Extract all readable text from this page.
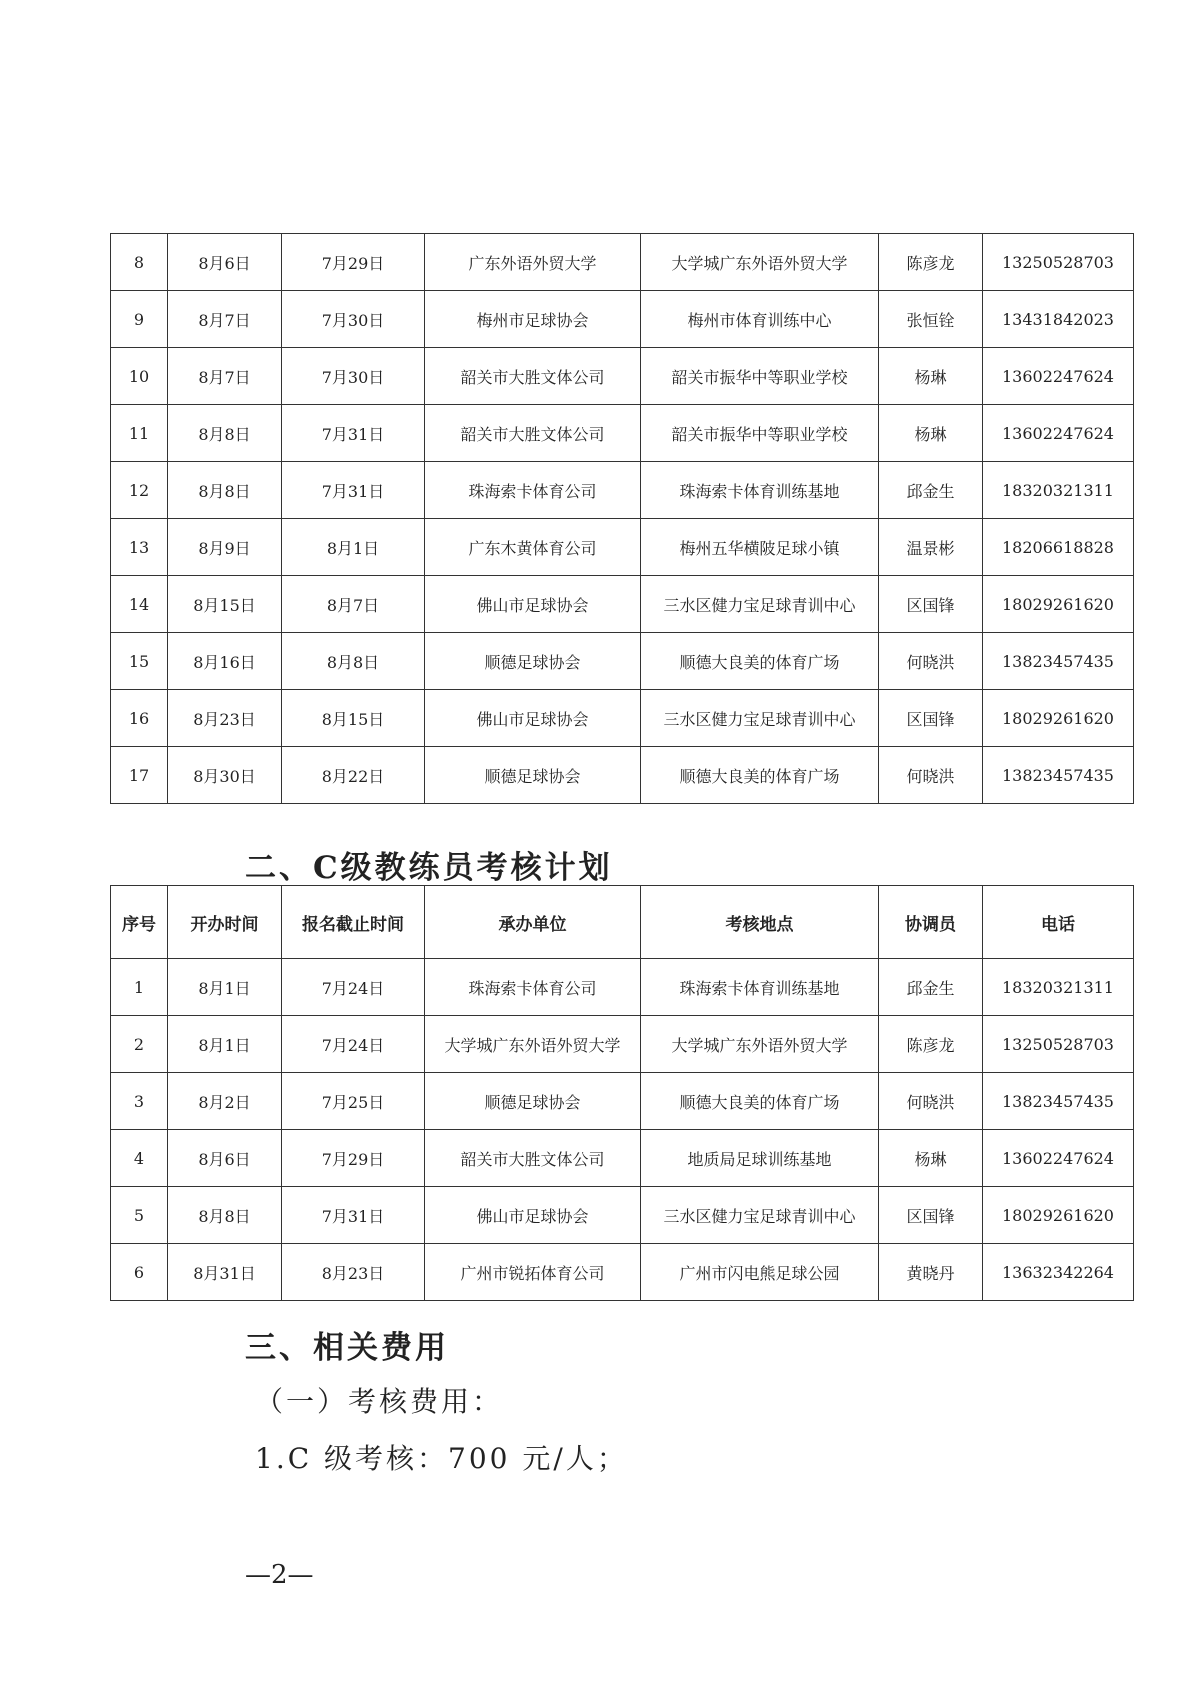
8	8月6日	7月29日	广东外语外贸大学	大学城广东外语外贸大学	陈彦龙	13250528703
9	8月7日	7月30日	梅州市足球协会	梅州市体育训练中心	张恒铨	13431842023
10	8月7日	7月30日	韶关市大胜文体公司	韶关市振华中等职业学校	杨琳	13602247624
11	8月8日	7月31日	韶关市大胜文体公司	韶关市振华中等职业学校	杨琳	13602247624
12	8月8日	7月31日	珠海索卡体育公司	珠海索卡体育训练基地	邱金生	18320321311
13	8月9日	8月1日	广东木黄体育公司	梅州五华横陂足球小镇	温景彬	18206618828
14	8月15日	8月7日	佛山市足球协会	三水区健力宝足球青训中心	区国锋	18029261620
15	8月16日	8月8日	顺德足球协会	顺德大良美的体育广场	何晓洪	13823457435
16	8月23日	8月15日	佛山市足球协会	三水区健力宝足球青训中心	区国锋	18029261620
17	8月30日	8月22日	顺德足球协会	顺德大良美的体育广场	何晓洪	13823457435
二、C级教练员考核计划
序号	开办时间	报名截止时间	承办单位	考核地点	协调员	电话
1	8月1日	7月24日	珠海索卡体育公司	珠海索卡体育训练基地	邱金生	18320321311
2	8月1日	7月24日	大学城广东外语外贸大学	大学城广东外语外贸大学	陈彦龙	13250528703
3	8月2日	7月25日	顺德足球协会	顺德大良美的体育广场	何晓洪	13823457435
4	8月6日	7月29日	韶关市大胜文体公司	地质局足球训练基地	杨琳	13602247624
5	8月8日	7月31日	佛山市足球协会	三水区健力宝足球青训中心	区国锋	18029261620
6	8月31日	8月23日	广州市锐拓体育公司	广州市闪电熊足球公园	黄晓丹	13632342264
三、相关费用
（一）考核费用：
1.C 级考核：700 元/人；
—2—
